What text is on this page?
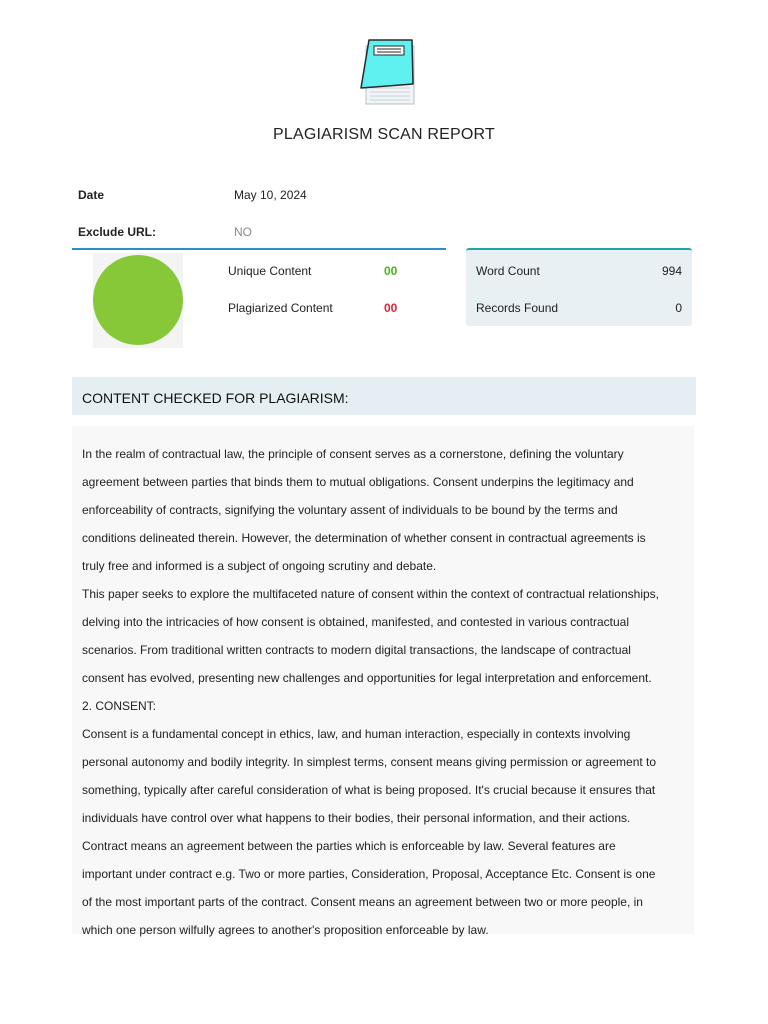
PLAGIARISM SCAN REPORT
Date	May 10, 2024
Exclude URL:	NO
Unique Content	00
Plagiarized Content	00
Word Count	994
Records Found	0
CONTENT CHECKED FOR PLAGIARISM:

In the realm of contractual law, the principle of consent serves as a cornerstone, defining the voluntary

agreement between parties that binds them to mutual obligations. Consent underpins the legitimacy and

enforceability of contracts, signifying the voluntary assent of individuals to be bound by the terms and

conditions delineated therein. However, the determination of whether consent in contractual agreements is

truly free and informed is a subject of ongoing scrutiny and debate.

This paper seeks to explore the multifaceted nature of consent within the context of contractual relationships,

delving into the intricacies of how consent is obtained, manifested, and contested in various contractual

scenarios. From traditional written contracts to modern digital transactions, the landscape of contractual

consent has evolved, presenting new challenges and opportunities for legal interpretation and enforcement.

2. CONSENT:

Consent is a fundamental concept in ethics, law, and human interaction, especially in contexts involving

personal autonomy and bodily integrity. In simplest terms, consent means giving permission or agreement to

something, typically after careful consideration of what is being proposed. It's crucial because it ensures that

individuals have control over what happens to their bodies, their personal information, and their actions.

Contract means an agreement between the parties which is enforceable by law. Several features are

important under contract e.g. Two or more parties, Consideration, Proposal, Acceptance Etc. Consent is one

of the most important parts of the contract. Consent means an agreement between two or more people, in

which one person wilfully agrees to another's proposition enforceable by law.
